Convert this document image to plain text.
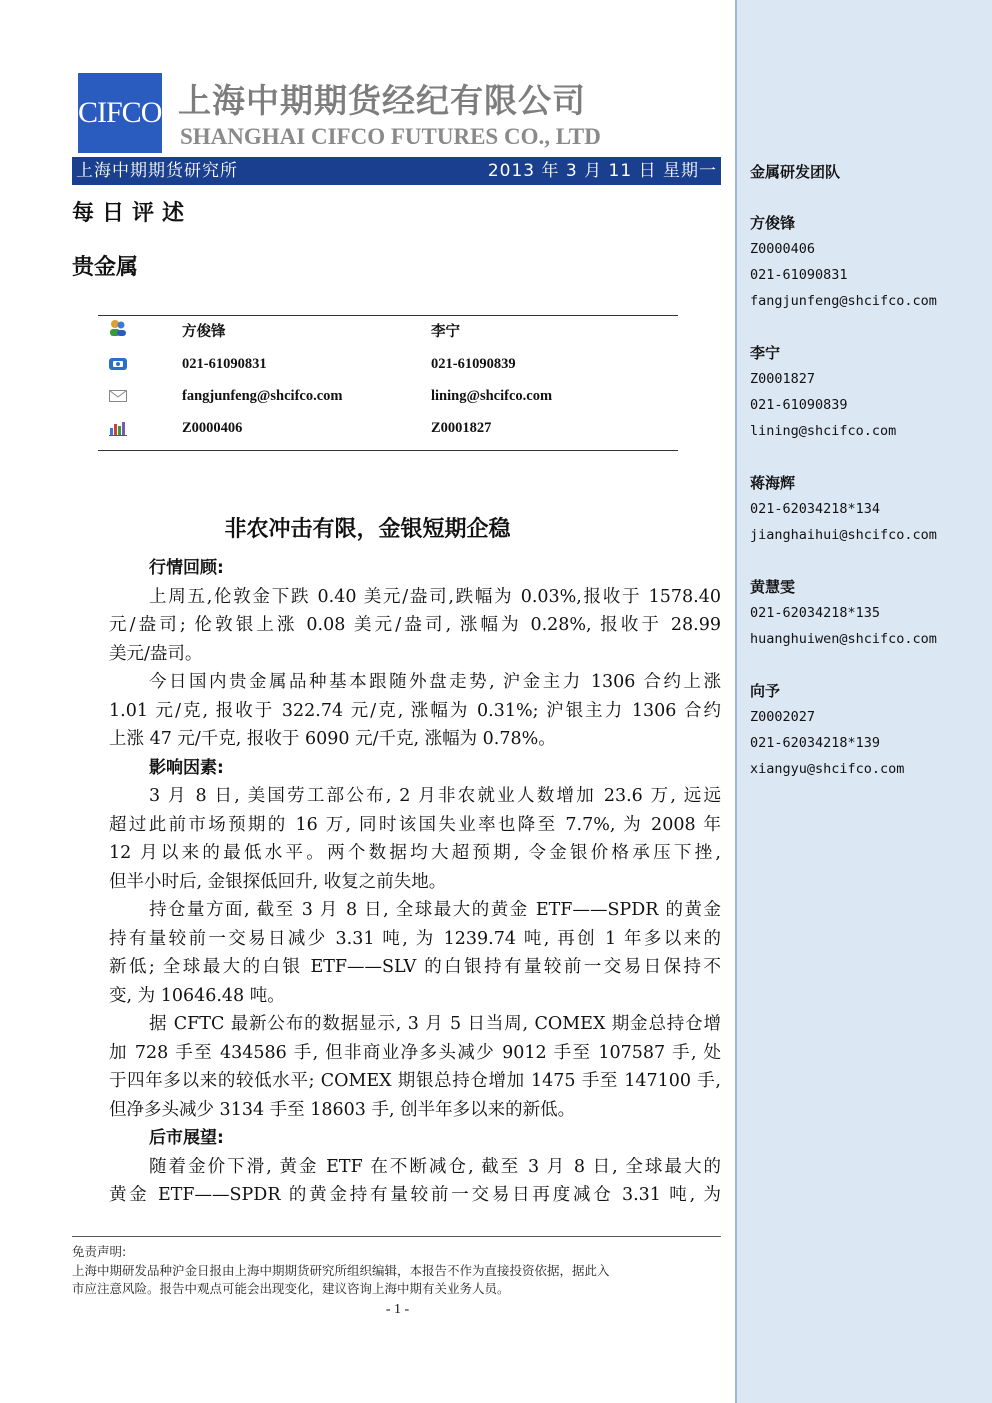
CIFCO 上海中期期货经纪有限公司
SHANGHAI CIFCO FUTURES CO., LTD
上海中期期货研究所	2013 年 3 月 11 日 星期一
每日评述
贵金属
方俊锋	李宁
021-61090831	021-61090839
fangjunfeng@shcifco.com	lining@shcifco.com
Z0000406	Z0001827
非农冲击有限，金银短期企稳
行情回顾:
上周五,伦敦金下跌 0.40 美元/盎司,跌幅为 0.03%,报收于 1578.40
元/盎司; 伦敦银上涨 0.08 美元/盎司, 涨幅为 0.28%, 报收于 28.99
美元/盎司。
今日国内贵金属品种基本跟随外盘走势, 沪金主力 1306 合约上涨
1.01 元/克, 报收于 322.74 元/克, 涨幅为 0.31%; 沪银主力 1306 合约
上涨 47 元/千克, 报收于 6090 元/千克, 涨幅为 0.78%。
影响因素:
3 月 8 日, 美国劳工部公布, 2 月非农就业人数增加 23.6 万, 远远
超过此前市场预期的 16 万, 同时该国失业率也降至 7.7%, 为 2008 年
12 月以来的最低水平。两个数据均大超预期, 令金银价格承压下挫,
但半小时后, 金银探低回升, 收复之前失地。
持仓量方面, 截至 3 月 8 日, 全球最大的黄金 ETF——SPDR 的黄金
持有量较前一交易日减少 3.31 吨, 为 1239.74 吨, 再创 1 年多以来的
新低; 全球最大的白银 ETF——SLV 的白银持有量较前一交易日保持不
变, 为 10646.48 吨。
据 CFTC 最新公布的数据显示, 3 月 5 日当周, COMEX 期金总持仓增
加 728 手至 434586 手, 但非商业净多头减少 9012 手至 107587 手, 处
于四年多以来的较低水平; COMEX 期银总持仓增加 1475 手至 147100 手,
但净多头减少 3134 手至 18603 手, 创半年多以来的新低。
后市展望:
随着金价下滑, 黄金 ETF 在不断减仓, 截至 3 月 8 日, 全球最大的
黄金 ETF——SPDR 的黄金持有量较前一交易日再度减仓 3.31 吨, 为
免责声明:
上海中期研发品种沪金日报由上海中期期货研究所组织编辑，本报告不作为直接投资依据，据此入
市应注意风险。报告中观点可能会出现变化，建议咨询上海中期有关业务人员。
- 1 -
金属研发团队
方俊锋
Z0000406
021-61090831
fangjunfeng@shcifco.com
李宁
Z0001827
021-61090839
lining@shcifco.com
蒋海辉
021-62034218*134
jianghaihui@shcifco.com
黄慧雯
021-62034218*135
huanghuiwen@shcifco.com
向予
Z0002027
021-62034218*139
xiangyu@shcifco.com
